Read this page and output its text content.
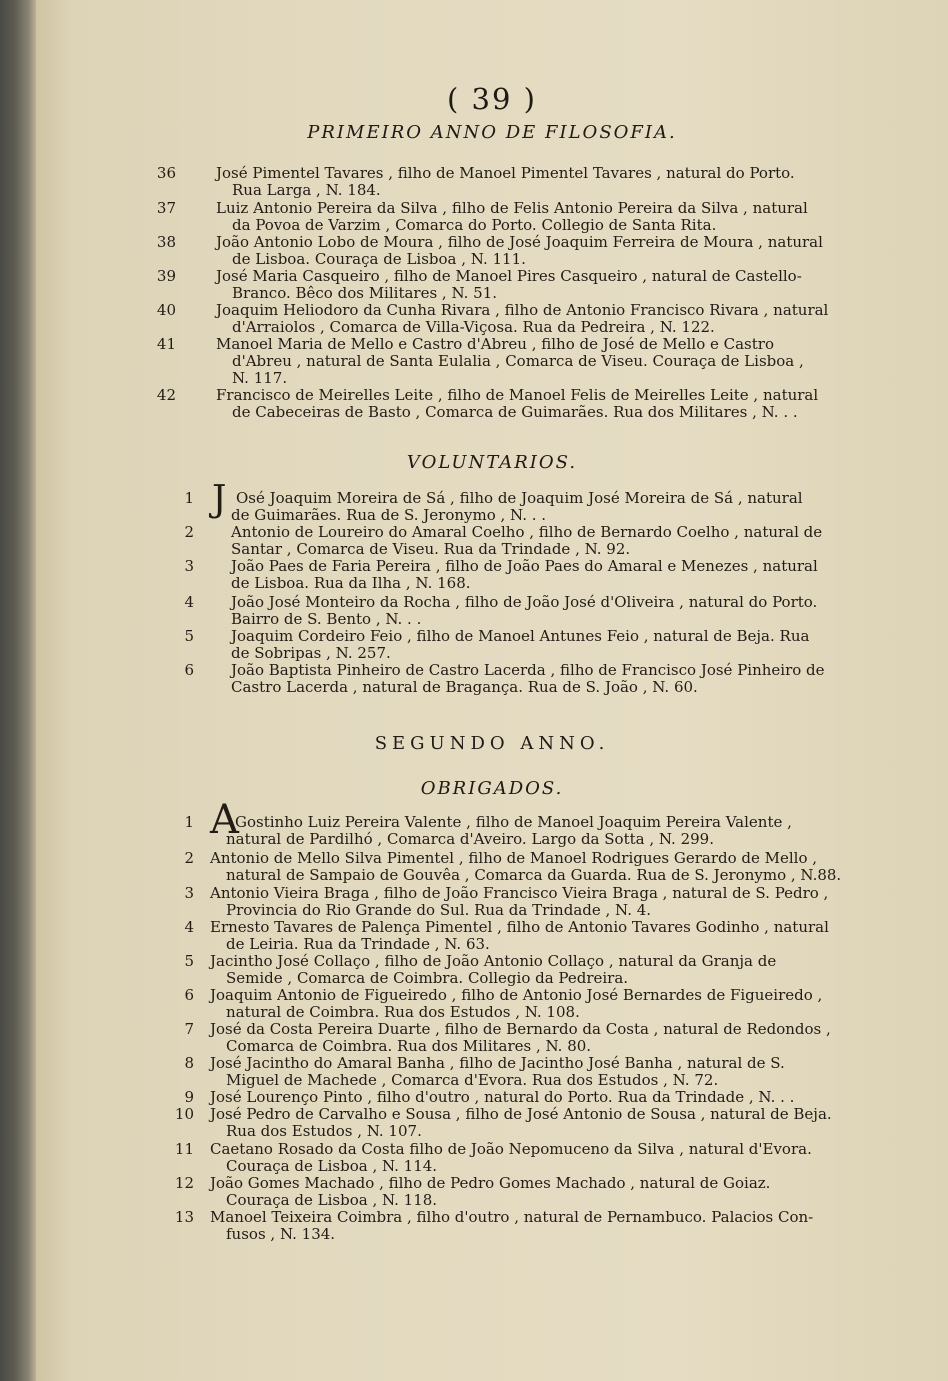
( 39 )
PRIMEIRO ANNO DE FILOSOFIA.
36	José Pimentel Tavares , filho de Manoel Pimentel Tavares , natural do Porto.
Rua Larga , N. 184.
37	Luiz Antonio Pereira da Silva , filho de Felis Antonio Pereira da Silva , natural
da Povoa de Varzim , Comarca do Porto. Collegio de Santa Rita.
38	João Antonio Lobo de Moura , filho de José Joaquim Ferreira de Moura , natural
de Lisboa. Couraça de Lisboa , N. 111.
39	José Maria Casqueiro , filho de Manoel Pires Casqueiro , natural de Castello-
Branco. Bêco dos Militares , N. 51.
40	Joaquim Heliodoro da Cunha Rivara , filho de Antonio Francisco Rivara , natural
d'Arraiolos , Comarca de Villa-Viçosa. Rua da Pedreira , N. 122.
41	Manoel Maria de Mello e Castro d'Abreu , filho de José de Mello e Castro
d'Abreu , natural de Santa Eulalia , Comarca de Viseu. Couraça de Lisboa ,
N. 117.
42	Francisco de Meirelles Leite , filho de Manoel Felis de Meirelles Leite , natural
de Cabeceiras de Basto , Comarca de Guimarães. Rua dos Militares , N. . .
VOLUNTARIOS.
J
1	Osé Joaquim Moreira de Sá , filho de Joaquim José Moreira de Sá , natural
de Guimarães. Rua de S. Jeronymo , N. . .
2 Antonio de Loureiro do Amaral Coelho , filho de Bernardo Coelho , natural de
Santar , Comarca de Viseu. Rua da Trindade , N. 92.
3 João Paes de Faria Pereira , filho de João Paes do Amaral e Menezes , natural
de Lisboa. Rua da Ilha , N. 168.
4 João José Monteiro da Rocha , filho de João José d'Oliveira , natural do Porto.
Bairro de S. Bento , N. . .
5 Joaquim Cordeiro Feio , filho de Manoel Antunes Feio , natural de Beja. Rua
de Sobripas , N. 257.
6 João Baptista Pinheiro de Castro Lacerda , filho de Francisco José Pinheiro de
Castro Lacerda , natural de Bragança. Rua de S. João , N. 60.
SEGUNDO ANNO.
OBRIGADOS.
A
1	Gostinho Luiz Pereira Valente , filho de Manoel Joaquim Pereira Valente ,
natural de Pardilhó , Comarca d'Aveiro. Largo da Sotta , N. 299.
2 Antonio de Mello Silva Pimentel , filho de Manoel Rodrigues Gerardo de Mello ,
natural de Sampaio de Gouvêa , Comarca da Guarda. Rua de S. Jeronymo , N.88.
3 Antonio Vieira Braga , filho de João Francisco Vieira Braga , natural de S. Pedro ,
Provincia do Rio Grande do Sul. Rua da Trindade , N. 4.
4 Ernesto Tavares de Palença Pimentel , filho de Antonio Tavares Godinho , natural
de Leiria. Rua da Trindade , N. 63.
5 Jacintho José Collaço , filho de João Antonio Collaço , natural da Granja de
Semide , Comarca de Coimbra. Collegio da Pedreira.
6 Joaquim Antonio de Figueiredo , filho de Antonio José Bernardes de Figueiredo ,
natural de Coimbra. Rua dos Estudos , N. 108.
7 José da Costa Pereira Duarte , filho de Bernardo da Costa , natural de Redondos ,
Comarca de Coimbra. Rua dos Militares , N. 80.
8 José Jacintho do Amaral Banha , filho de Jacintho José Banha , natural de S.
Miguel de Machede , Comarca d'Evora. Rua dos Estudos , N. 72.
9 José Lourenço Pinto , filho d'outro , natural do Porto. Rua da Trindade , N. . .
10 José Pedro de Carvalho e Sousa , filho de José Antonio de Sousa , natural de Beja.
Rua dos Estudos , N. 107.
11 Caetano Rosado da Costa filho de João Nepomuceno da Silva , natural d'Evora.
Couraça de Lisboa , N. 114.
12 João Gomes Machado , filho de Pedro Gomes Machado , natural de Goiaz.
Couraça de Lisboa , N. 118.
13 Manoel Teixeira Coimbra , filho d'outro , natural de Pernambuco. Palacios Con-
fusos , N. 134.
